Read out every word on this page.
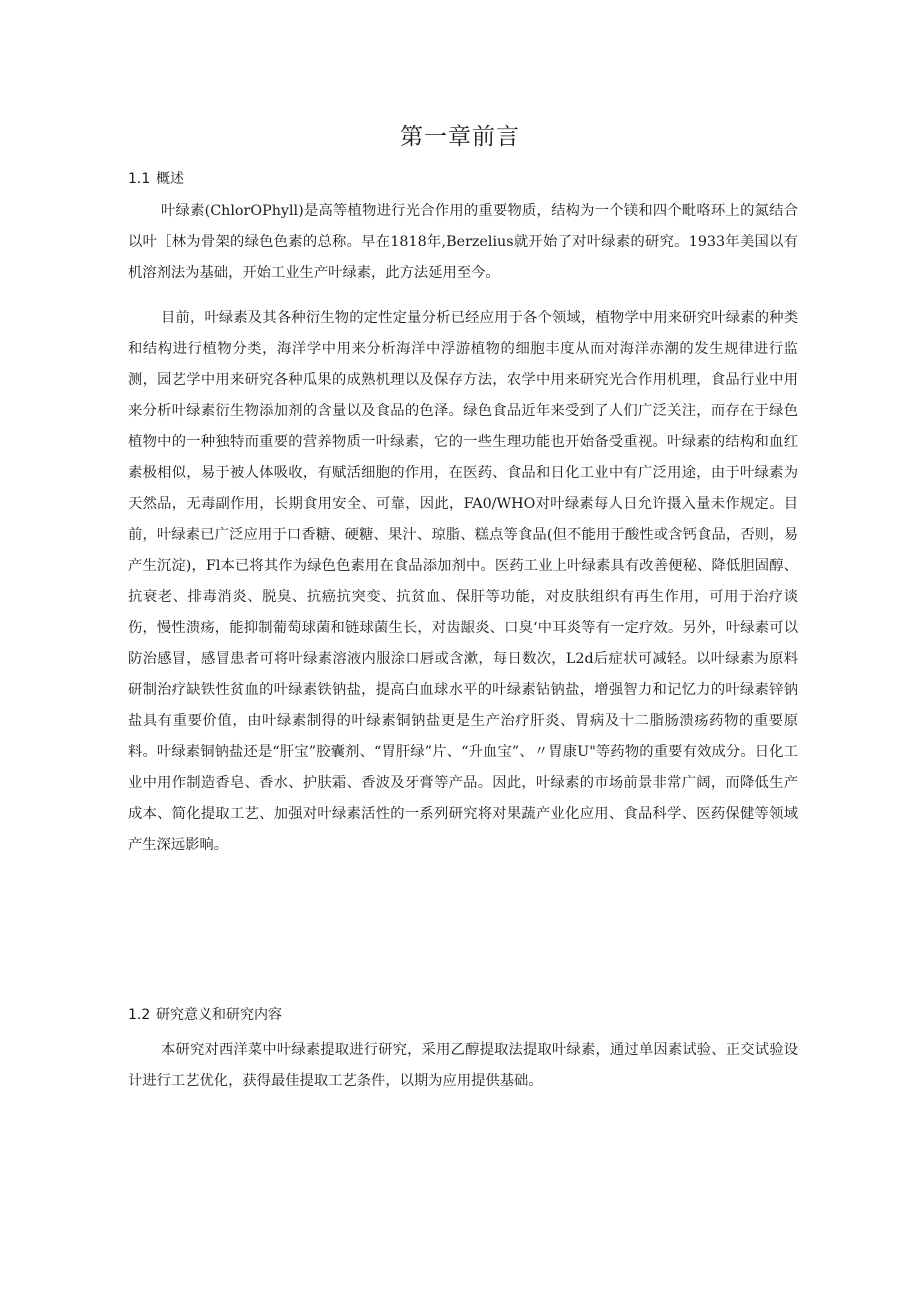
第一章前言
1.1 概述

叶绿素(ChlorOPhyll)是高等植物进行光合作用的重要物质，结构为一个镁和四个毗咯环上的氮结合以叶［林为骨架的绿色色素的总称。早在1818年,Berzelius就开始了对叶绿素的研究。1933年美国以有机溶剂法为基础，开始工业生产叶绿素，此方法延用至今。

目前，叶绿素及其各种衍生物的定性定量分析已经应用于各个领域，植物学中用来研究叶绿素的种类和结构进行植物分类，海洋学中用来分析海洋中浮游植物的细胞丰度从而对海洋赤潮的发生规律进行监测，园艺学中用来研究各种瓜果的成熟机理以及保存方法，农学中用来研究光合作用机理，食品行业中用来分析叶绿素衍生物添加剂的含量以及食品的色泽。绿色食品近年来受到了人们广泛关注，而存在于绿色植物中的一种独特而重要的营养物质一叶绿素，它的一些生理功能也开始备受重视。叶绿素的结构和血红素极相似，易于被人体吸收，有赋活细胞的作用，在医药、食品和日化工业中有广泛用途，由于叶绿素为天然品，无毒副作用，长期食用安全、可靠，因此，FA0∕WHO对叶绿素每人日允许摄入量未作规定。目前，叶绿素已广泛应用于口香糖、硬糖、果汁、琼脂、糕点等食品(但不能用于酸性或含钙食品，否则，易产生沉淀)，Fl本已将其作为绿色色素用在食品添加剂中。医药工业上叶绿素具有改善便秘、降低胆固醇、抗衰老、排毒消炎、脱臭、抗癌抗突变、抗贫血、保肝等功能，对皮肤组织有再生作用，可用于治疗谈伤，慢性溃疡，能抑制葡萄球菌和链球菌生长，对齿龈炎、口臭‘中耳炎等有一定疗效。另外，叶绿素可以防治感冒，感冒患者可将叶绿素溶液内服涂口唇或含漱，每日数次，L2d后症状可减轻。以叶绿素为原料研制治疗缺铁性贫血的叶绿素铁钠盐，提高白血球水平的叶绿素钻钠盐，增强智力和记忆力的叶绿素锌钠盐具有重要价值，由叶绿素制得的叶绿素铜钠盐更是生产治疗肝炎、胃病及十二脂肠溃疡药物的重要原料。叶绿素铜钠盐还是“肝宝”胶囊剂、“胃肝绿”片、“升血宝”、〃胃康U"等药物的重要有效成分。日化工业中用作制造香皂、香水、护肤霜、香波及牙膏等产品。因此，叶绿素的市场前景非常广阔，而降低生产成本、简化提取工艺、加强对叶绿素活性的一系列研究将对果蔬产业化应用、食品科学、医药保健等领域产生深远影晌。

1.2 研究意义和研究内容

本研究对西洋菜中叶绿素提取进行研究，采用乙醇提取法提取叶绿素，通过单因素试验、正交试验设计进行工艺优化，获得最佳提取工艺条件，以期为应用提供基础。
